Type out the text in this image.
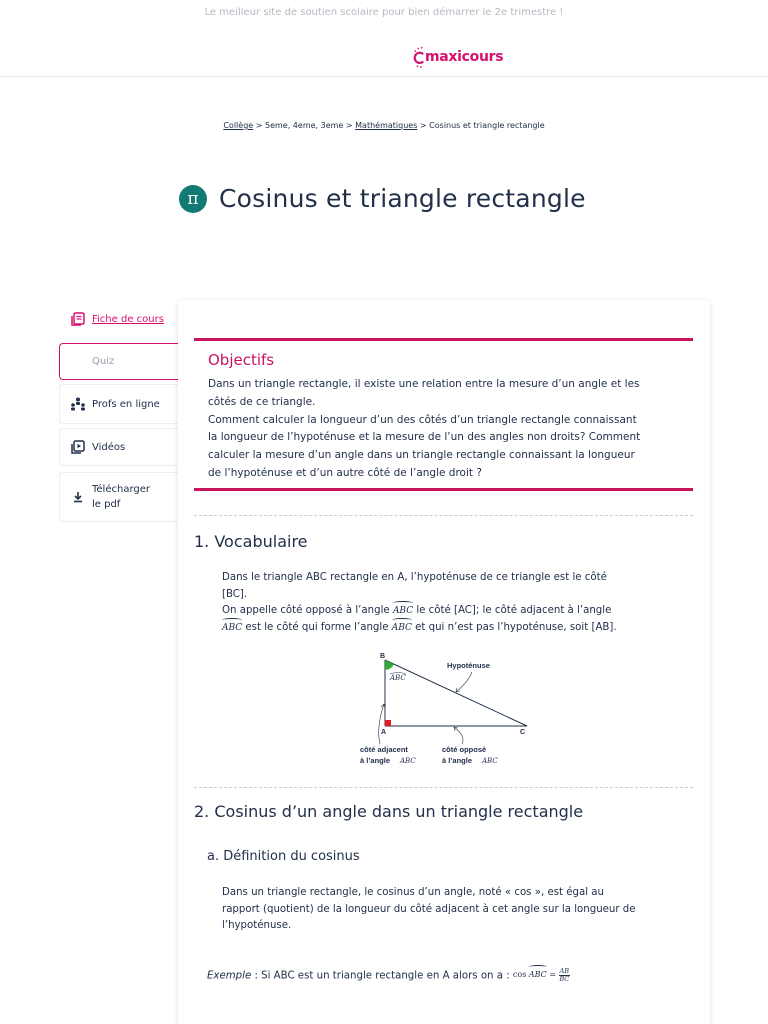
Le meilleur site de soutien scolaire pour bien démarrer le 2e trimestre !
maxicours
Collège > 5eme, 4eme, 3eme > Mathématiques > Cosinus et triangle rectangle
π Cosinus et triangle rectangle
Fiche de cours
Quiz
Profs en ligne
Vidéos
Télécharger
le pdf
Objectifs
Dans un triangle rectangle, il existe une relation entre la mesure d’un angle et les
côtés de ce triangle.
Comment calculer la longueur d’un des côtés d’un triangle rectangle connaissant
la longueur de l’hypoténuse et la mesure de l’un des angles non droits? Comment
calculer la mesure d’un angle dans un triangle rectangle connaissant la longueur
de l’hypoténuse et d’un autre côté de l’angle droit ?
1. Vocabulaire
Dans le triangle ABC rectangle en A, l’hypoténuse de ce triangle est le côté
[BC].
On appelle côté opposé à l’angle ABC le côté [AC]; le côté adjacent à l’angle
ABC est le côté qui forme l’angle ABC et qui n’est pas l’hypoténuse, soit [AB].
B
A	C
ABC
Hypoténuse
côté adjacent
à l’angle ABC
côté opposé
à l’angle ABC
2. Cosinus d’un angle dans un triangle rectangle
a. Définition du cosinus
Dans un triangle rectangle, le cosinus d’un angle, noté « cos », est égal au
rapport (quotient) de la longueur du côté adjacent à cet angle sur la longueur de
l’hypoténuse.
Exemple : Si ABC est un triangle rectangle en A alors on a : cos
ABC = $\frac{AB}{BC}$
